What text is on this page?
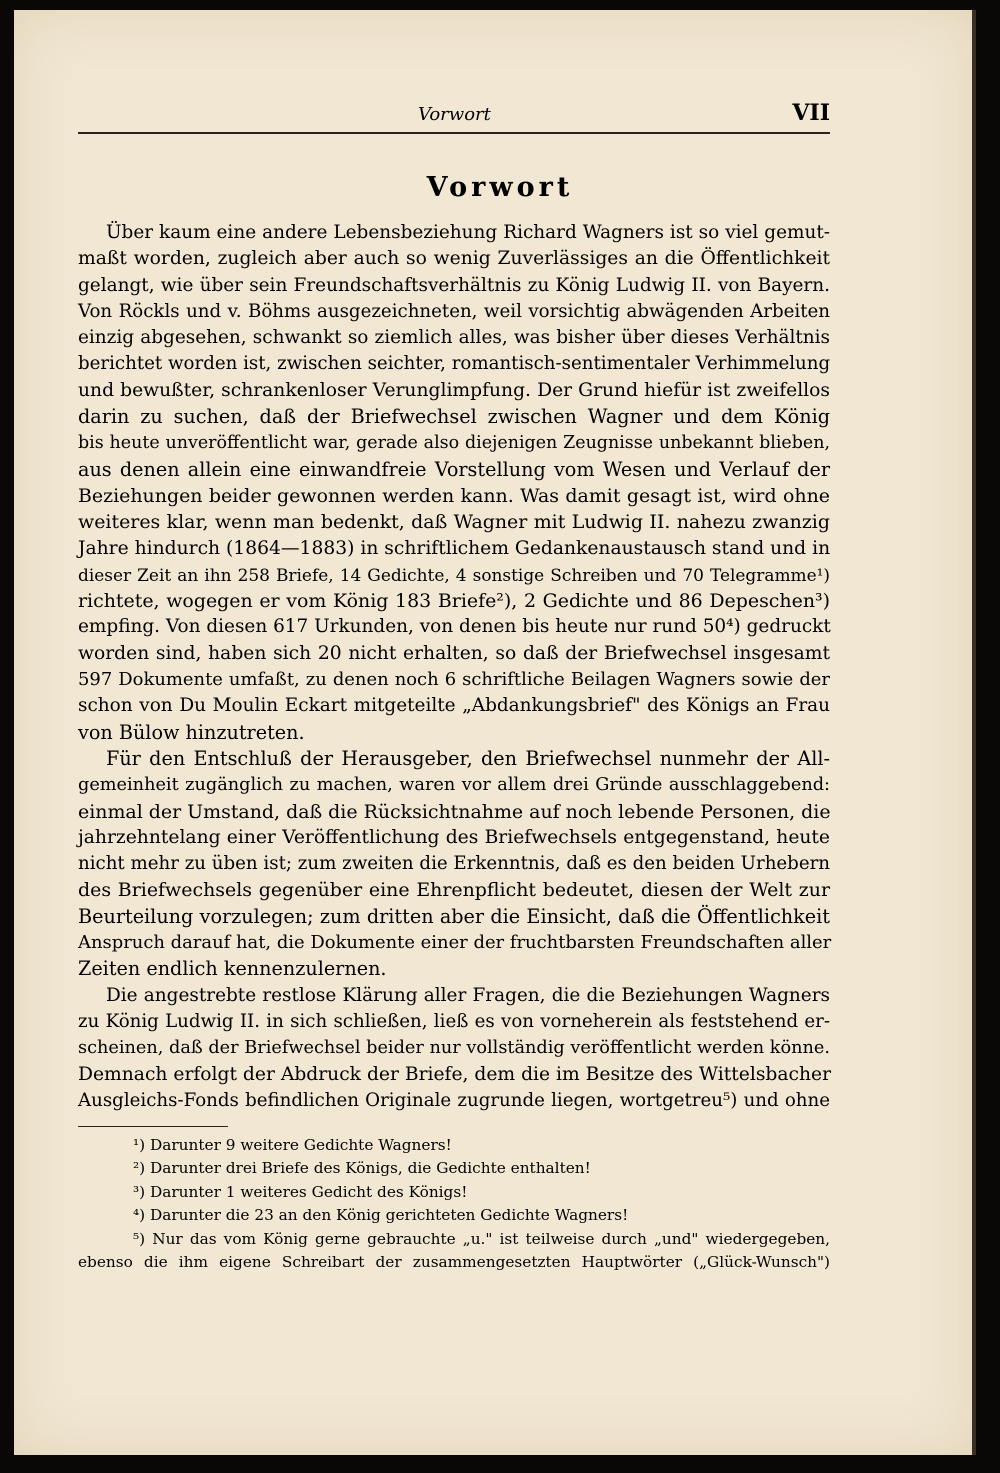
Vorwort	VII
Vorwort
Über kaum eine andere Lebensbeziehung Richard Wagners ist so viel gemut-
maßt worden, zugleich aber auch so wenig Zuverlässiges an die Öffentlichkeit
gelangt, wie über sein Freundschaftsverhältnis zu König Ludwig II. von Bayern.
Von Röckls und v. Böhms ausgezeichneten, weil vorsichtig abwägenden Arbeiten
einzig abgesehen, schwankt so ziemlich alles, was bisher über dieses Verhältnis
berichtet worden ist, zwischen seichter, romantisch-sentimentaler Verhimmelung
und bewußter, schrankenloser Verunglimpfung. Der Grund hiefür ist zweifellos
darin zu suchen, daß der Briefwechsel zwischen Wagner und dem König
bis heute unveröffentlicht war, gerade also diejenigen Zeugnisse unbekannt blieben,
aus denen allein eine einwandfreie Vorstellung vom Wesen und Verlauf der
Beziehungen beider gewonnen werden kann. Was damit gesagt ist, wird ohne
weiteres klar, wenn man bedenkt, daß Wagner mit Ludwig II. nahezu zwanzig
Jahre hindurch (1864—1883) in schriftlichem Gedankenaustausch stand und in
dieser Zeit an ihn 258 Briefe, 14 Gedichte, 4 sonstige Schreiben und 70 Telegramme¹)
richtete, wogegen er vom König 183 Briefe²), 2 Gedichte und 86 Depeschen³)
empfing. Von diesen 617 Urkunden, von denen bis heute nur rund 50⁴) gedruckt
worden sind, haben sich 20 nicht erhalten, so daß der Briefwechsel insgesamt
597 Dokumente umfaßt, zu denen noch 6 schriftliche Beilagen Wagners sowie der
schon von Du Moulin Eckart mitgeteilte „Abdankungsbrief" des Königs an Frau
von Bülow hinzutreten.
Für den Entschluß der Herausgeber, den Briefwechsel nunmehr der All-
gemeinheit zugänglich zu machen, waren vor allem drei Gründe ausschlaggebend:
einmal der Umstand, daß die Rücksichtnahme auf noch lebende Personen, die
jahrzehntelang einer Veröffentlichung des Briefwechsels entgegenstand, heute
nicht mehr zu üben ist; zum zweiten die Erkenntnis, daß es den beiden Urhebern
des Briefwechsels gegenüber eine Ehrenpflicht bedeutet, diesen der Welt zur
Beurteilung vorzulegen; zum dritten aber die Einsicht, daß die Öffentlichkeit
Anspruch darauf hat, die Dokumente einer der fruchtbarsten Freundschaften aller
Zeiten endlich kennenzulernen.
Die angestrebte restlose Klärung aller Fragen, die die Beziehungen Wagners
zu König Ludwig II. in sich schließen, ließ es von vorneherein als feststehend er-
scheinen, daß der Briefwechsel beider nur vollständig veröffentlicht werden könne.
Demnach erfolgt der Abdruck der Briefe, dem die im Besitze des Wittelsbacher
Ausgleichs-Fonds befindlichen Originale zugrunde liegen, wortgetreu⁵) und ohne
¹) Darunter 9 weitere Gedichte Wagners!
²) Darunter drei Briefe des Königs, die Gedichte enthalten!
³) Darunter 1 weiteres Gedicht des Königs!
⁴) Darunter die 23 an den König gerichteten Gedichte Wagners!
⁵) Nur das vom König gerne gebrauchte „u." ist teilweise durch „und" wiedergegeben,
ebenso die ihm eigene Schreibart der zusammengesetzten Hauptwörter („Glück-Wunsch")
